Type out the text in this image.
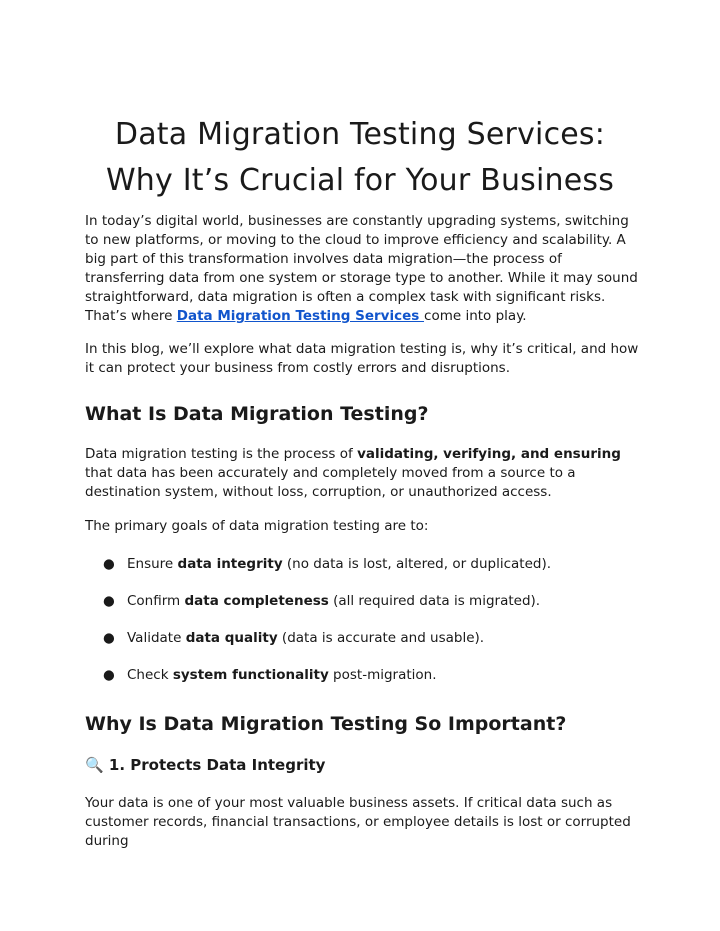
Data Migration Testing Services:
Why It’s Crucial for Your Business

In today’s digital world, businesses are constantly upgrading systems, switching to new platforms, or moving to the cloud to improve efficiency and scalability. A big part of this transformation involves data migration—the process of transferring data from one system or storage type to another. While it may sound straightforward, data migration is often a complex task with significant risks. That’s where Data Migration Testing Services come into play.

In this blog, we’ll explore what data migration testing is, why it’s critical, and how it can protect your business from costly errors and disruptions.

What Is Data Migration Testing?

Data migration testing is the process of validating, verifying, and ensuring that data has been accurately and completely moved from a source to a destination system, without loss, corruption, or unauthorized access.

The primary goals of data migration testing are to:

● Ensure data integrity (no data is lost, altered, or duplicated).
● Confirm data completeness (all required data is migrated).
● Validate data quality (data is accurate and usable).
● Check system functionality post-migration.
Why Is Data Migration Testing So Important?
🔍 1. Protects Data Integrity

Your data is one of your most valuable business assets. If critical data such as customer records, financial transactions, or employee details is lost or corrupted during
